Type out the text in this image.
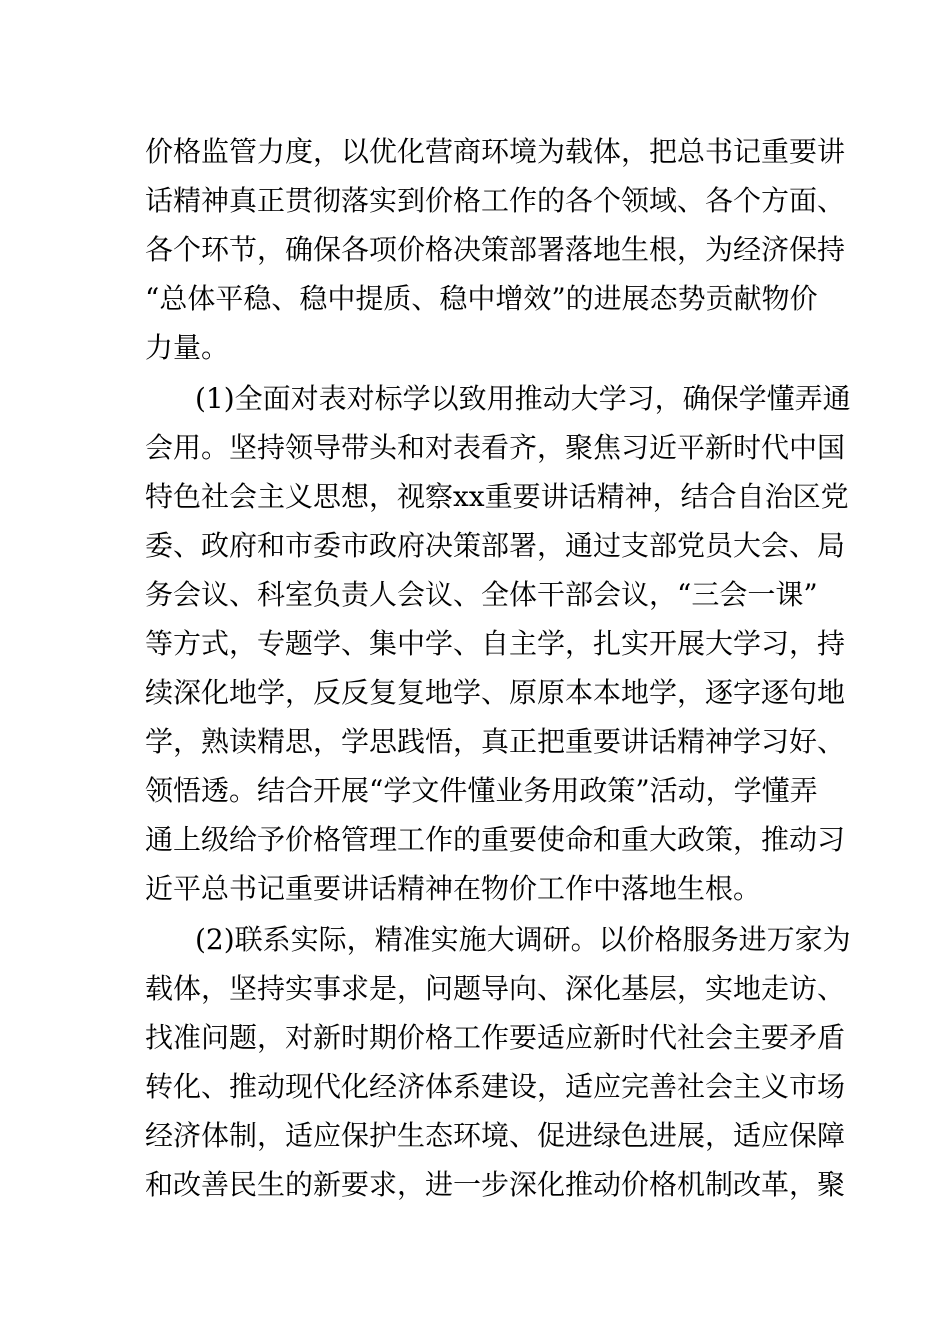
价格监管力度，以优化营商环境为载体，把总书记重要讲
话精神真正贯彻落实到价格工作的各个领域、各个方面、
各个环节，确保各项价格决策部署落地生根，为经济保持
“总体平稳、稳中提质、稳中增效”的进展态势贡献物价
力量。
(1)全面对表对标学以致用推动大学习，确保学懂弄通
会用。坚持领导带头和对表看齐，聚焦习近平新时代中国
特色社会主义思想，视察xx重要讲话精神，结合自治区党
委、政府和市委市政府决策部署，通过支部党员大会、局
务会议、科室负责人会议、全体干部会议，“三会一课”
等方式，专题学、集中学、自主学，扎实开展大学习，持
续深化地学，反反复复地学、原原本本地学，逐字逐句地
学，熟读精思，学思践悟，真正把重要讲话精神学习好、
领悟透。结合开展“学文件懂业务用政策”活动，学懂弄
通上级给予价格管理工作的重要使命和重大政策，推动习
近平总书记重要讲话精神在物价工作中落地生根。
(2)联系实际，精准实施大调研。以价格服务进万家为
载体，坚持实事求是，问题导向、深化基层，实地走访、
找准问题，对新时期价格工作要适应新时代社会主要矛盾
转化、推动现代化经济体系建设，适应完善社会主义市场
经济体制，适应保护生态环境、促进绿色进展，适应保障
和改善民生的新要求，进一步深化推动价格机制改革，聚
